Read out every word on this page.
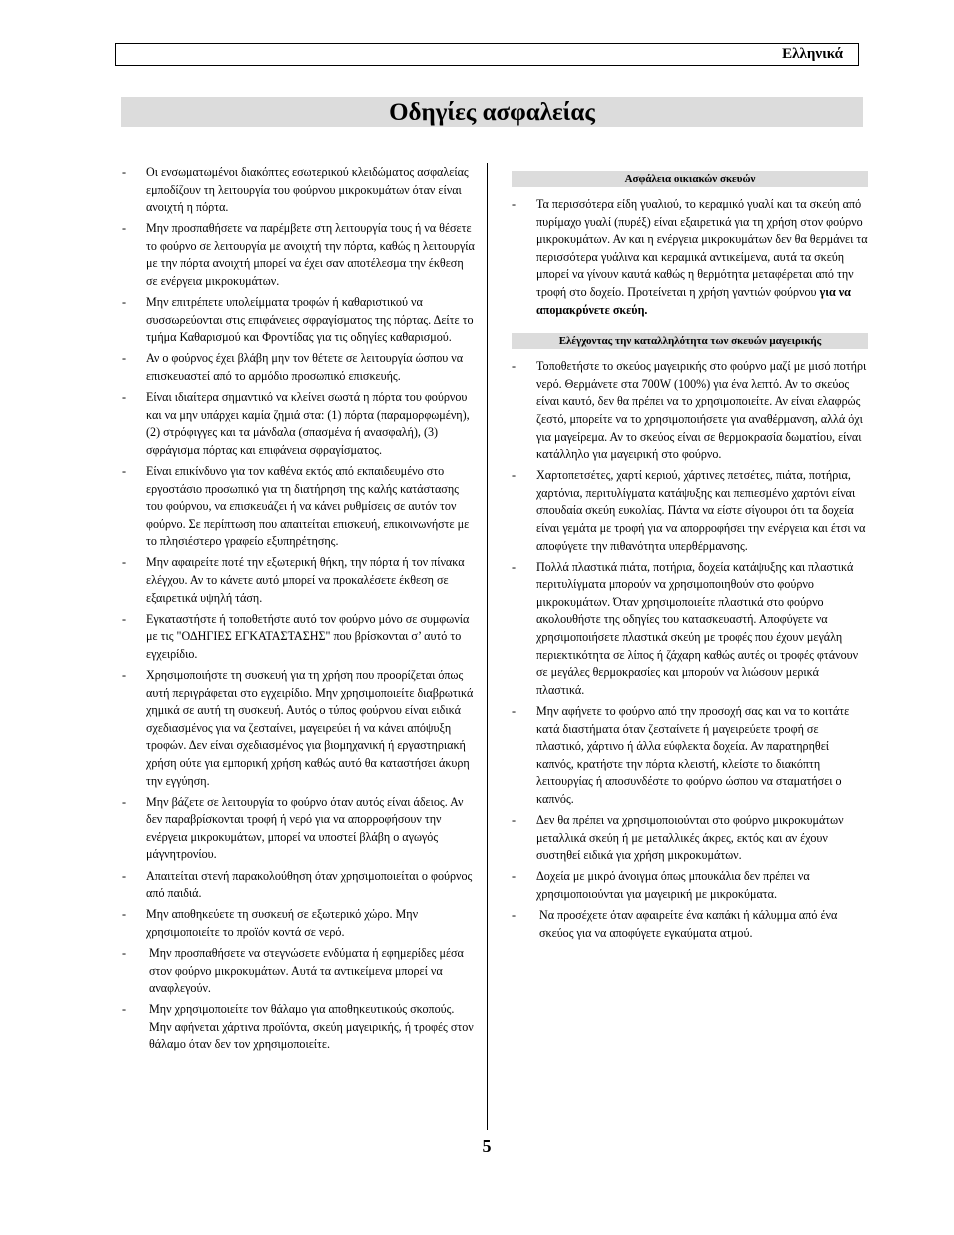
Ελληνικά
Οδηγίες ασφαλείας
- Οι ενσωματωμένοι διακόπτες εσωτερικού κλειδώματος ασφαλείας εμποδίζουν τη λειτουργία του φούρνου μικροκυμάτων όταν είναι ανοιχτή η πόρτα.
- Μην προσπαθήσετε να παρέμβετε στη λειτουργία τους ή να θέσετε το φούρνο σε λειτουργία με ανοιχτή την πόρτα, καθώς η λειτουργία με την πόρτα ανοιχτή μπορεί να έχει σαν αποτέλεσμα την έκθεση σε ενέργεια μικροκυμάτων.
- Μην επιτρέπετε υπολείμματα τροφών ή καθαριστικού να συσσωρεύονται στις επιφάνειες σφραγίσματος της πόρτας. Δείτε το τμήμα Καθαρισμού και Φροντίδας για τις οδηγίες καθαρισμού.
- Αν ο φούρνος έχει βλάβη μην τον θέτετε σε λειτουργία ώσπου να επισκευαστεί από το αρμόδιο προσωπικό επισκευής.
- Είναι ιδιαίτερα σημαντικό να κλείνει σωστά η πόρτα του φούρνου και να μην υπάρχει καμία ζημιά στα: (1) πόρτα (παραμορφωμένη), (2) στρόφιγγες και τα μάνδαλα (σπασμένα ή ανασφαλή), (3) σφράγισμα πόρτας και επιφάνεια σφραγίσματος.
- Είναι επικίνδυνο για τον καθένα εκτός από εκπαιδευμένο στο εργοστάσιο προσωπικό για τη διατήρηση της καλής κατάστασης του φούρνου, να επισκευάζει ή να κάνει ρυθμίσεις σε αυτόν τον φούρνο. Σε περίπτωση που απαιτείται επισκευή, επικοινωνήστε με το πλησιέστερο γραφείο εξυπηρέτησης.
- Μην αφαιρείτε ποτέ την εξωτερική θήκη, την πόρτα ή τον πίνακα ελέγχου. Αν το κάνετε αυτό μπορεί να προκαλέσετε έκθεση σε εξαιρετικά υψηλή τάση.
- Εγκαταστήστε ή τοποθετήστε αυτό τον φούρνο μόνο σε συμφωνία με τις "ΟΔΗΓΙΕΣ ΕΓΚΑΤΑΣΤΑΣΗΣ" που βρίσκονται σ’ αυτό το εγχειρίδιο.
- Χρησιμοποιήστε τη συσκευή για τη χρήση που προορίζεται όπως αυτή περιγράφεται στο εγχειρίδιο. Μην χρησιμοποιείτε διαβρωτικά χημικά σε αυτή τη συσκευή. Αυτός ο τύπος φούρνου είναι ειδικά σχεδιασμένος για να ζεσταίνει, μαγειρεύει ή να κάνει απόψυξη τροφών. Δεν είναι σχεδιασμένος για βιομηχανική ή εργαστηριακή χρήση ούτε για εμπορική χρήση καθώς αυτό θα καταστήσει άκυρη την εγγύηση.
- Μην βάζετε σε λειτουργία το φούρνο όταν αυτός είναι άδειος. Αν δεν παραβρίσκονται τροφή ή νερό για να απορροφήσουν την ενέργεια μικροκυμάτων, μπορεί να υποστεί βλάβη ο αγωγός μάγνητρονίου.
- Απαιτείται στενή παρακολούθηση όταν χρησιμοποιείται ο φούρνος από παιδιά.
- Μην αποθηκεύετε τη συσκευή σε εξωτερικό χώρο. Μην χρησιμοποιείτε το προϊόν κοντά σε νερό.
- Μην προσπαθήσετε να στεγνώσετε ενδύματα ή εφημερίδες μέσα στον φούρνο μικροκυμάτων. Αυτά τα αντικείμενα μπορεί να αναφλεγούν.
- Μην χρησιμοποιείτε τον θάλαμο για αποθηκευτικούς σκοπούς. Μην αφήνεται χάρτινα προϊόντα, σκεύη μαγειρικής, ή τροφές στον θάλαμο όταν δεν τον χρησιμοποιείτε.
Ασφάλεια οικιακών σκευών
- Τα περισσότερα είδη γυαλιού, το κεραμικό γυαλί και τα σκεύη από πυρίμαχο γυαλί (πυρέξ) είναι εξαιρετικά για τη χρήση στον φούρνο μικροκυμάτων. Αν και η ενέργεια μικροκυμάτων δεν θα θερμάνει τα περισσότερα γυάλινα και κεραμικά αντικείμενα, αυτά τα σκεύη μπορεί να γίνουν καυτά καθώς η θερμότητα μεταφέρεται από την τροφή στο δοχείο. Προτείνεται η χρήση γαντιών φούρνου για να απομακρύνετε σκεύη.
Ελέγχοντας την καταλληλότητα των σκευών μαγειρικής
- Τοποθετήστε το σκεύος μαγειρικής στο φούρνο μαζί με μισό ποτήρι νερό. Θερμάνετε στα 700W (100%) για ένα λεπτό. Αν το σκεύος είναι καυτό, δεν θα πρέπει να το χρησιμοποιείτε. Αν είναι ελαφρώς ζεστό, μπορείτε να το χρησιμοποιήσετε για αναθέρμανση, αλλά όχι για μαγείρεμα. Αν το σκεύος είναι σε θερμοκρασία δωματίου, είναι κατάλληλο για μαγειρική στο φούρνο.
- Χαρτοπετσέτες, χαρτί κεριού, χάρτινες πετσέτες, πιάτα, ποτήρια, χαρτόνια, περιτυλίγματα κατάψυξης και πεπιεσμένο χαρτόνι είναι σπουδαία σκεύη ευκολίας. Πάντα να είστε σίγουροι ότι τα δοχεία είναι γεμάτα με τροφή για να απορροφήσει την ενέργεια και έτσι να αποφύγετε την πιθανότητα υπερθέρμανσης.
- Πολλά πλαστικά πιάτα, ποτήρια, δοχεία κατάψυξης και πλαστικά περιτυλίγματα μπορούν να χρησιμοποιηθούν στο φούρνο μικροκυμάτων. Όταν χρησιμοποιείτε πλαστικά στο φούρνο ακολουθήστε της οδηγίες του κατασκευαστή. Αποφύγετε να χρησιμοποιήσετε πλαστικά σκεύη με τροφές που έχουν μεγάλη περιεκτικότητα σε λίπος ή ζάχαρη καθώς αυτές οι τροφές φτάνουν σε μεγάλες θερμοκρασίες και μπορούν να λιώσουν μερικά πλαστικά.
- Μην αφήνετε το φούρνο από την προσοχή σας και να το κοιτάτε κατά διαστήματα όταν ζεσταίνετε ή μαγειρεύετε τροφή σε πλαστικό, χάρτινο ή άλλα εύφλεκτα δοχεία. Αν παρατηρηθεί καπνός, κρατήστε την πόρτα κλειστή, κλείστε το διακόπτη λειτουργίας ή αποσυνδέστε το φούρνο ώσπου να σταματήσει ο καπνός.
- Δεν θα πρέπει να χρησιμοποιούνται στο φούρνο μικροκυμάτων μεταλλικά σκεύη ή με μεταλλικές άκρες, εκτός και αν έχουν συστηθεί ειδικά για χρήση μικροκυμάτων.
- Δοχεία με μικρό άνοιγμα όπως μπουκάλια δεν πρέπει να χρησιμοποιούνται για μαγειρική με μικροκύματα.
- Να προσέχετε όταν αφαιρείτε ένα καπάκι ή κάλυμμα από ένα σκεύος για να αποφύγετε εγκαύματα ατμού.
5
